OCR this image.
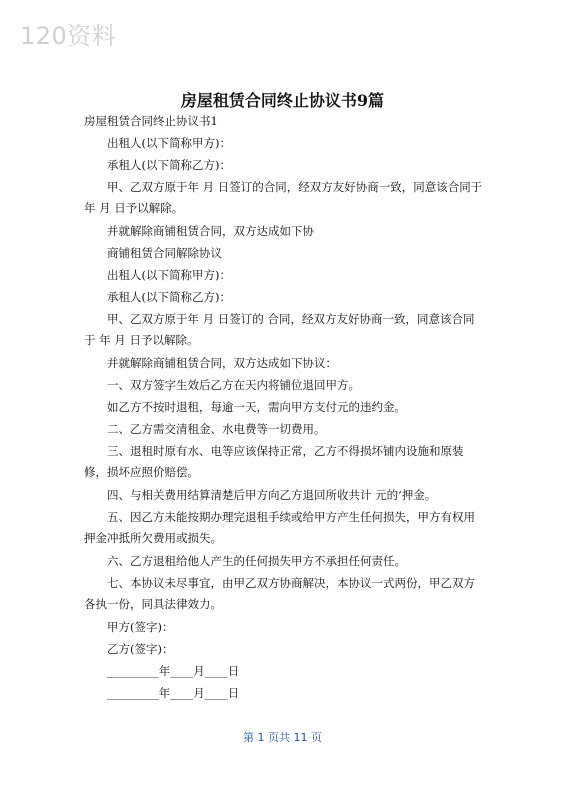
120资料
房屋租赁合同终止协议书9篇

房屋租赁合同终止协议书1

出租人(以下简称甲方)：

承租人(以下简称乙方)：

甲、乙双方原于年 月 日签订的合同，经双方友好协商一致，同意该合同于 年 月 日予以解除。

并就解除商铺租赁合同，双方达成如下协

商铺租赁合同解除协议

出租人(以下简称甲方)：

承租人(以下简称乙方)：

甲、乙双方原于年 月 日签订的 合同，经双方友好协商一致，同意该合同于 年 月 日予以解除。

并就解除商铺租赁合同，双方达成如下协议：

一、双方签字生效后乙方在天内将铺位退回甲方。

如乙方不按时退租，每逾一天，需向甲方支付元的违约金。

二、乙方需交清租金、水电费等一切费用。

三、退租时原有水、电等应该保持正常，乙方不得损坏铺内设施和原装修，损坏应照价赔偿。

四、与相关费用结算清楚后甲方向乙方退回所收共计 元的’押金。

五、因乙方未能按期办理完退租手续或给甲方产生任何损失，甲方有权用押金冲抵所欠费用或损失。

六、乙方退租给他人产生的任何损失甲方不承担任何责任。

七、本协议未尽事宜，由甲乙双方协商解决，本协议一式两份，甲乙双方各执一份，同具法律效力。

甲方(签字)：

乙方(签字)：

_________年____月____日

_________年____月____日

第 1 页共 11 页
